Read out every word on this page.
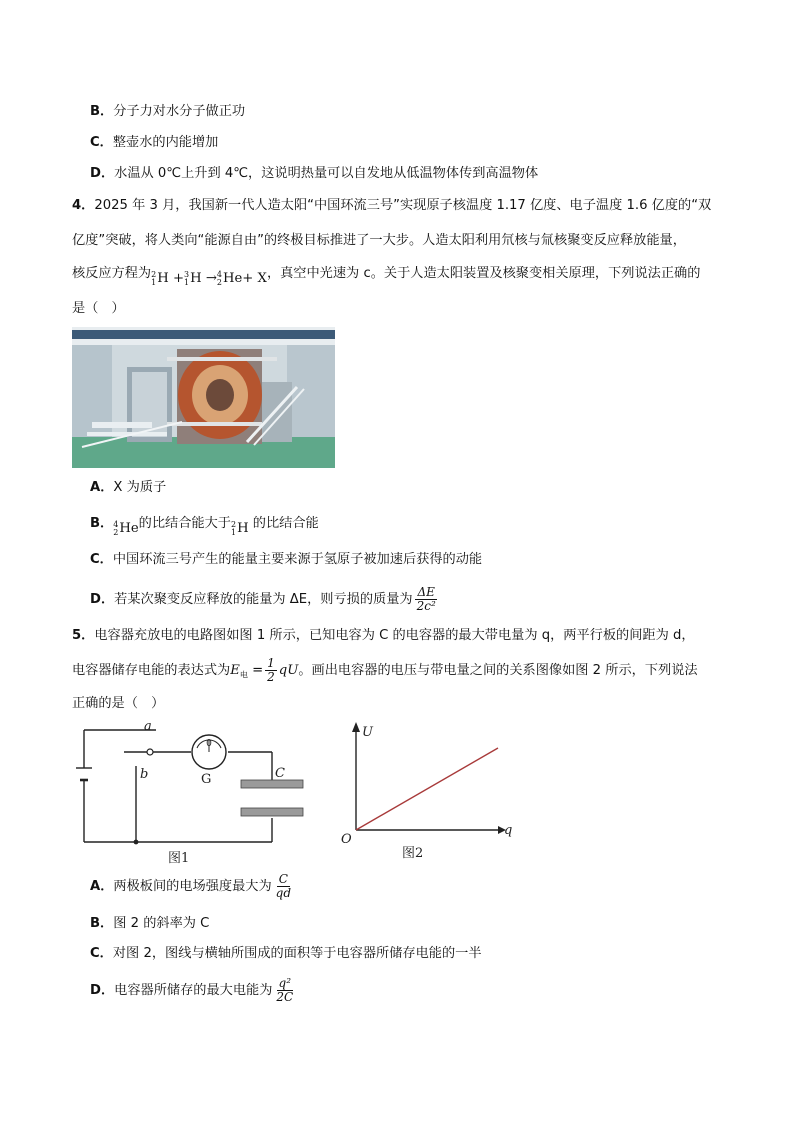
B．分子力对水分子做正功
C．整壶水的内能增加
D．水温从 0℃上升到 4℃，这说明热量可以自发地从低温物体传到高温物体
4．2025 年 3 月，我国新一代人造太阳“中国环流三号”实现原子核温度 1.17 亿度、电子温度 1.6 亿度的“双
亿度”突破，将人类向“能源自由”的终极目标推进了一大步。人造太阳利用氘核与氚核聚变反应释放能量，
核反应方程为 2
1 H
+ 3
1 H
→ 4
2 He +
X ，真空中光速为 c。关于人造太阳装置及核聚变相关原理，下列说法正确的
是（　）
A．X 为质子
B． 4
2 He 的比结合能大于 2
1 H 的比结合能
C．中国环流三号产生的能量主要来源于氢原子被加速后获得的动能
D．若某次聚变反应释放的能量为 ΔE，则亏损的质量为 $\frac{\Delta E}{\text{2c²}}$
5．电容器充放电的电路图如图 1 所示，已知电容为 C 的电容器的最大带电量为 q，两平行板的间距为 d，
电容器储存电能的表达式为$E_电 = \frac{1}{2}$ qU。画出电容器的电压与带电量之间的关系图像如图 2 所示，下列说法
正确的是（　）
0
a
b	G	C
图1
U
q
O
图2
A．两极板间的电场强度最大为 $\frac{C}{qd}$
B．图 2 的斜率为 C
C．对图 2，图线与横轴所围成的面积等于电容器所储存电能的一半
D．电容器所储存的最大电能为 $\frac{\text{q²}}{2C}$
